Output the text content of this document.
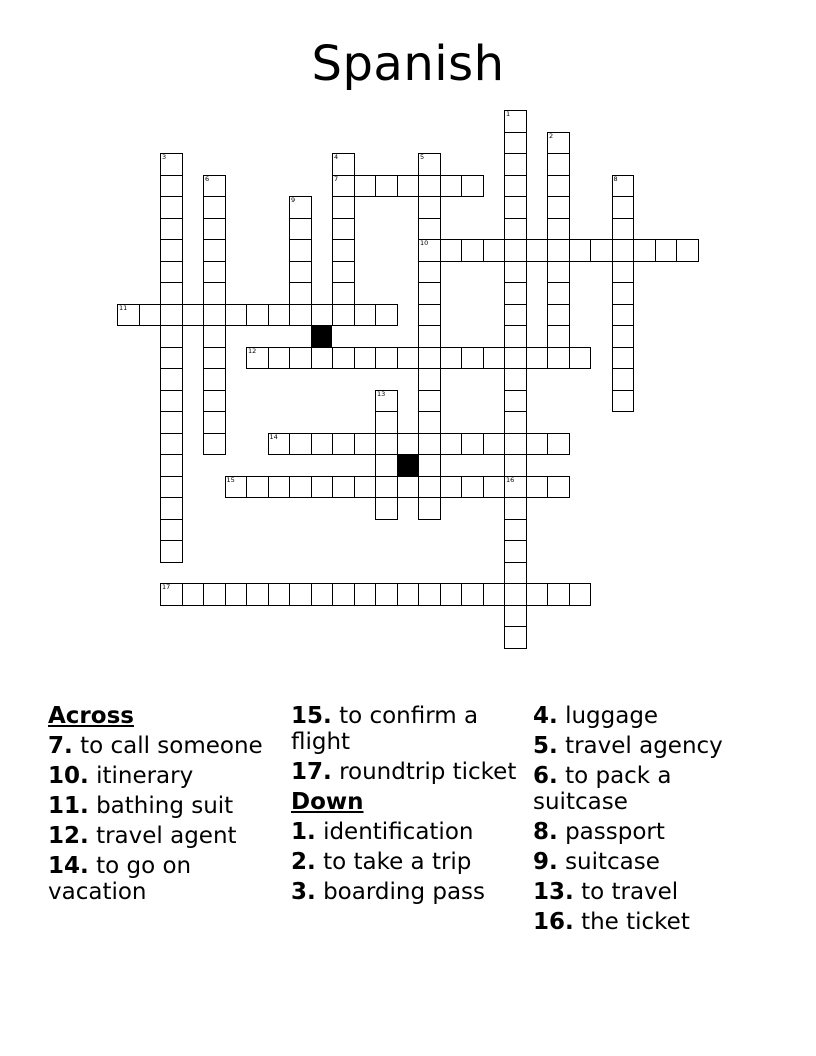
Spanish
1
16
2
3	4
7
5
10
6	8
9
11
12
13
14
15
17
Across
7. to call someone
10. itinerary
11. bathing suit
12. travel agent
14. to go on vacation
15. to confirm a flight
17. roundtrip ticket
Down
1. identification
2. to take a trip
3. boarding pass
4. luggage
5. travel agency
6. to pack a suitcase
8. passport
9. suitcase
13. to travel
16. the ticket
